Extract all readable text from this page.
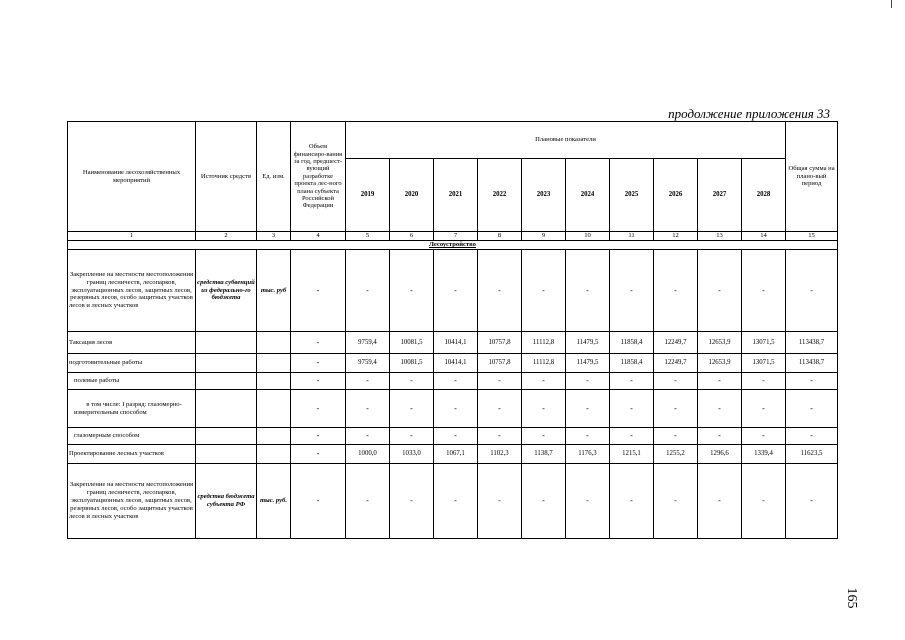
продолжение приложения 33
165
Наименование лесохозяйственных мероприятий	Источник средств	Ед. изм.	Объем финансиро-вания за год, предшест-вующий разработке проекта лес-ного плана субъекта Российской Федерации	Плановые показатели										Общая сумма на плано-вый период
				2019	2020	2021	2022	2023	2024	2025	2026	2027	2028	
1	2	3	4	5	6	7	8	9	10	11	12	13	14	15
Лесоустройство														
Закрепление на местности местоположения границ лесничеств, лесопарков, эксплуатационных лесов, защитных лесов, резервных лесов, особо защитных участков лесов и лесных участков	средства субвенций из федерально-го бюджета	тыс. руб	-	-	-	-	-	-	-	-	-	-	-	-
Таксация лесов			-	9759,4	10081,5	10414,1	10757,8	11112,8	11479,5	11858,4	12249,7	12653,9	13071,5	113438,7
подготовительные работы			-	9759,4	10081,5	10414,1	10757,8	11112,8	11479,5	11858,4	12249,7	12653,9	13071,5	113438,7
полевые работы			-	-	-	-	-	-	-	-	-	-	-	-
в том числе: I разряд: глазомерно-измерительным способом			-	-	-	-	-	-	-	-	-	-	-	-
глазомерным способом			-	-	-	-	-	-	-	-	-	-	-	-
Проектирование лесных участков			-	1000,0	1033,0	1067,1	1102,3	1138,7	1176,3	1215,1	1255,2	1296,6	1339,4	11623,5
Закрепление на местности местоположения границ лесничеств, лесопарков, эксплуатационных лесов, защитных лесов, резервных лесов, особо защитных участков лесов и лесных участков	средства бюджета субъекта РФ	тыс. руб.	-	-	-	-	-	-	-	-	-	-	-	-
